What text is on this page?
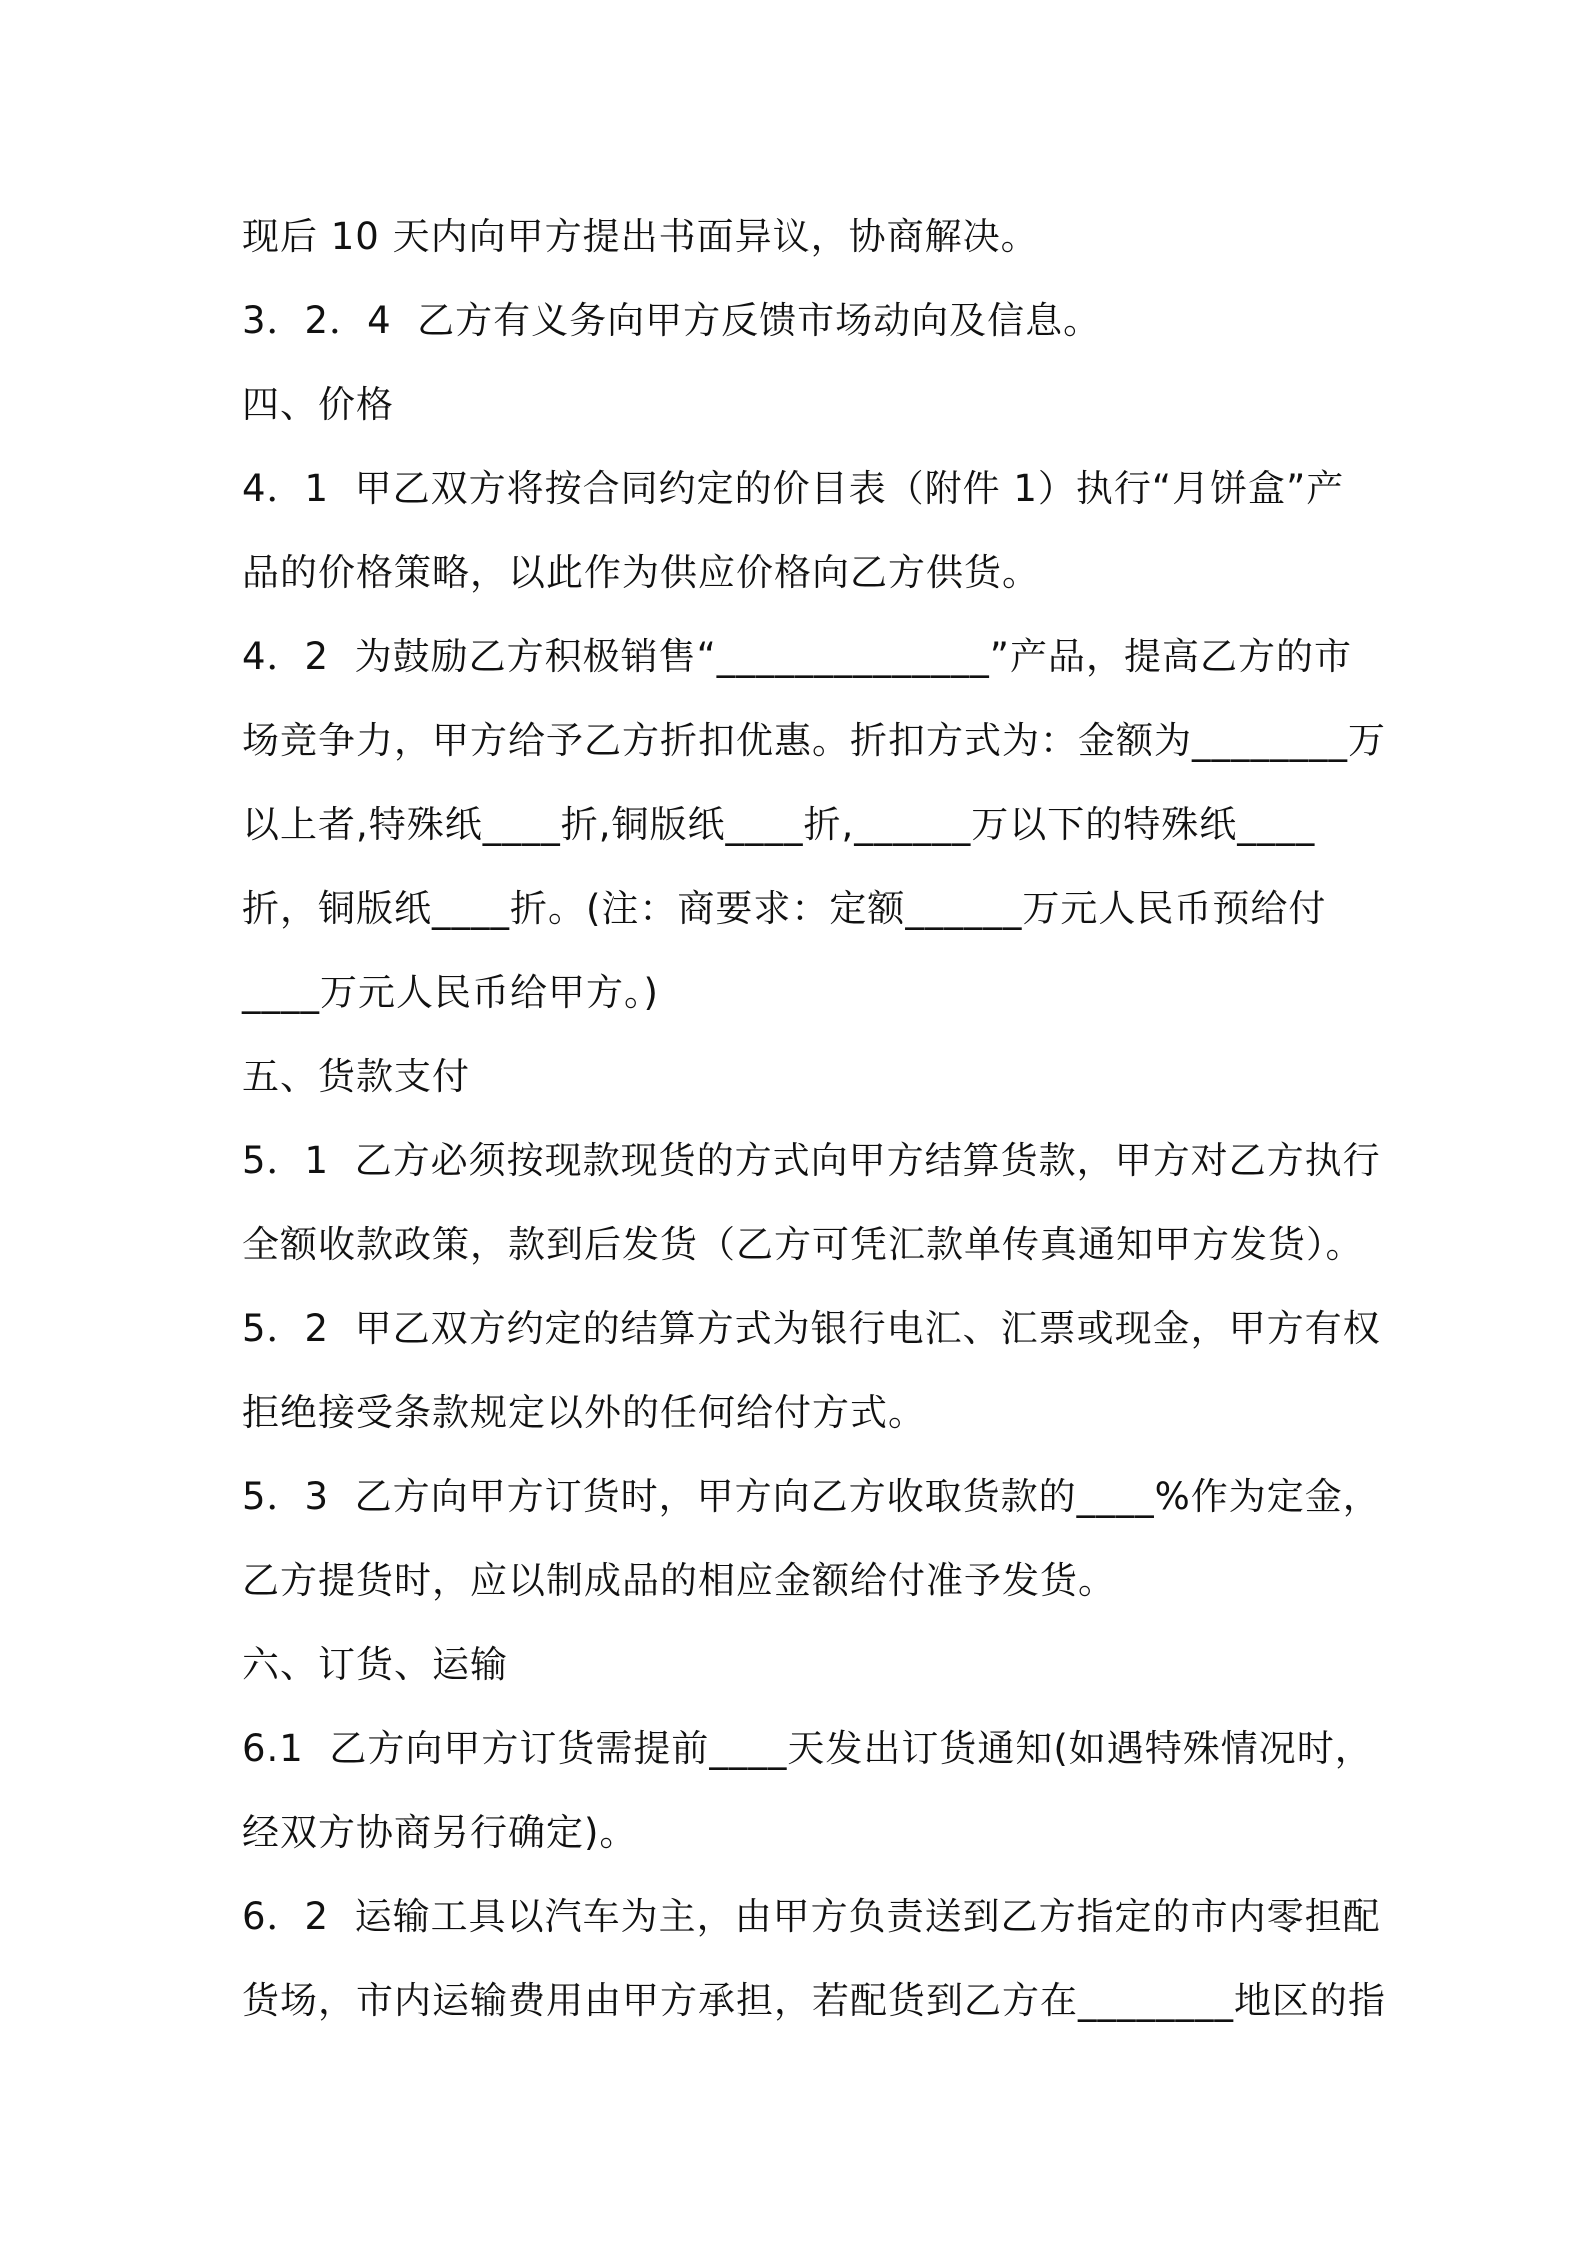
现后 10 天内向甲方提出书面异议，协商解决。
3．2．4  乙方有义务向甲方反馈市场动向及信息。
四、价格
4．1  甲乙双方将按合同约定的价目表（附件 1）执行“月饼盒”产
品的价格策略，以此作为供应价格向乙方供货。
4．2  为鼓励乙方积极销售“______________”产品，提高乙方的市
场竞争力，甲方给予乙方折扣优惠。折扣方式为：金额为________万
以上者,特殊纸____折,铜版纸____折,______万以下的特殊纸____
折，铜版纸____折。(注：商要求：定额______万元人民币预给付
____万元人民币给甲方。)
五、货款支付
5．1  乙方必须按现款现货的方式向甲方结算货款，甲方对乙方执行
全额收款政策，款到后发货（乙方可凭汇款单传真通知甲方发货）。
5．2  甲乙双方约定的结算方式为银行电汇、汇票或现金，甲方有权
拒绝接受条款规定以外的任何给付方式。
5．3  乙方向甲方订货时，甲方向乙方收取货款的____%作为定金，
乙方提货时，应以制成品的相应金额给付准予发货。
六、订货、运输
6.1  乙方向甲方订货需提前____天发出订货通知(如遇特殊情况时，
经双方协商另行确定)。
6．2  运输工具以汽车为主，由甲方负责送到乙方指定的市内零担配
货场，市内运输费用由甲方承担，若配货到乙方在________地区的指
